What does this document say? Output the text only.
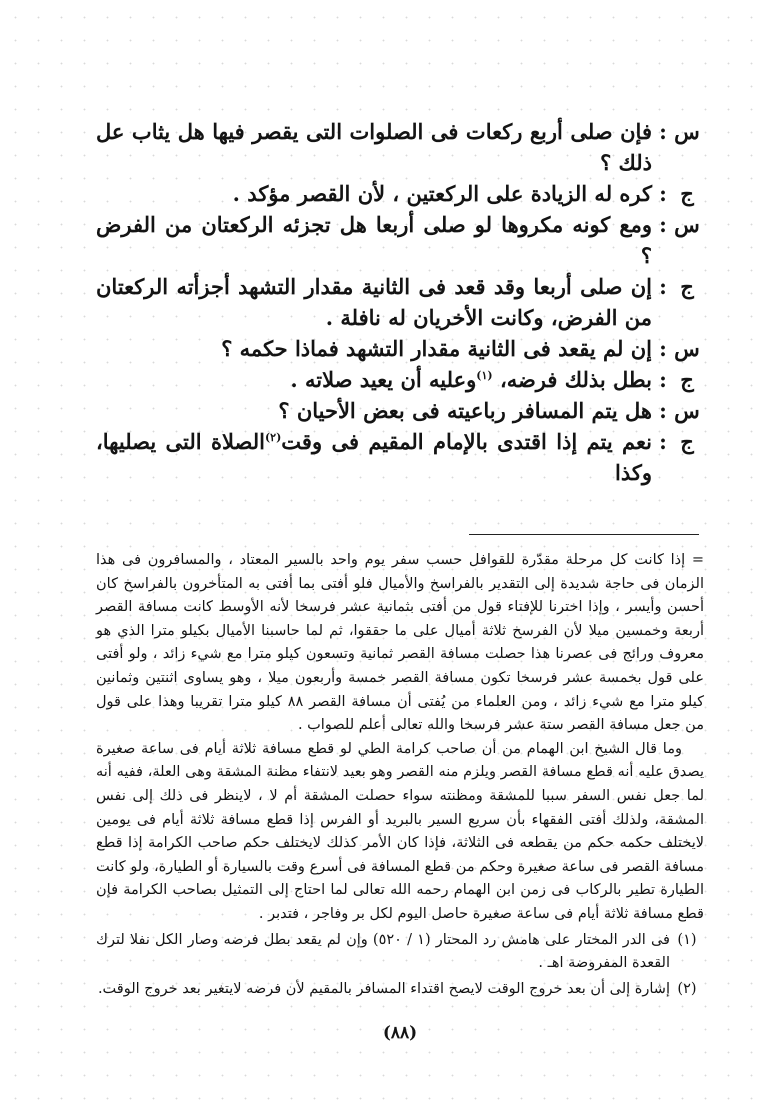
س
:
فإن صلى أربع ركعات فى الصلوات التى يقصر فيها هل يثاب عل ذلك ؟
ج
:
كره له الزيادة على الركعتين ، لأن القصر مؤكد .
س
:
ومع كونه مكروها لو صلى أربعا هل تجزئه الركعتان من الفرض ؟
ج
:
إن صلى أربعا وقد قعد فى الثانية مقدار التشهد أجزأته الركعتان من الفرض، وكانت الأخريان له نافلة .
س
:
إن لم يقعد فى الثانية مقدار التشهد فماذا حكمه ؟
ج
:
بطل بذلك فرضه، $^{(١)}$وعليه أن يعيد صلاته .
س
:
هل يتم المسافر رباعيته فى بعض الأحيان ؟
ج
:
نعم يتم إذا اقتدى بالإمام المقيم فى وقت$^{(٢)}$الصلاة التى يصليها، وكذا

= إذا كانت كل مرحلة مقدّرة للقوافل حسب سفر يوم واحد بالسير المعتاد ، والمسافرون فى هذا الزمان فى حاجة شديدة إلى التقدير بالفراسخ والأميال فلو أفتى بما أفتى به المتأخرون بالفراسخ كان أحسن وأيسر ، وإذا اخترنا للإفتاء قول من أفتى بثمانية عشر فرسخا لأنه الأوسط كانت مسافة القصر أربعة وخمسين ميلا لأن الفرسخ ثلاثة أميال على ما حققوا، ثم لما حاسبنا الأميال بكيلو مترا الذي هو معروف ورائج فى عصرنا هذا حصلت مسافة القصر ثمانية وتسعون كيلو مترا مع شيء زائد ، ولو أفتى على قول بخمسة عشر فرسخا تكون مسافة القصر خمسة وأربعون ميلا ، وهو يساوى اثنتين وثمانين كيلو مترا مع شيء زائد ، ومن العلماء من يُفتى أن مسافة القصر ٨٨ كيلو مترا تقريبا وهذا على قول من جعل مسافة القصر ستة عشر فرسخا والله تعالى أعلم للصواب .

وما قال الشيخ ابن الهمام من أن صاحب كرامة الطي لو قطع مسافة ثلاثة أيام فى ساعة صغيرة يصدق عليه أنه قطع مسافة القصر ويلزم منه القصر وهو بعيد لانتفاء مظنة المشقة وهى العلة، ففيه أنه لما جعل نفس السفر سببا للمشقة ومظنته سواء حصلت المشقة أم لا ، لاينظر فى ذلك إلى نفس المشقة، ولذلك أفتى الفقهاء بأن سريع السير بالبريد أو الفرس إذا قطع مسافة ثلاثة أيام فى يومين لايختلف حكمه حكم من يقطعه فى الثلاثة، فإذا كان الأمر كذلك لايختلف حكم صاحب الكرامة إذا قطع مسافة القصر فى ساعة صغيرة وحكم من قطع المسافة فى أسرع وقت بالسيارة أو الطيارة، ولو كانت الطيارة تطير بالركاب فى زمن ابن الهمام رحمه الله تعالى لما احتاج إلى التمثيل بصاحب الكرامة فإن قطع مسافة ثلاثة أيام فى ساعة صغيرة حاصل اليوم لكل بر وفاجر ، فتدبر .

(١)
فى الدر المختار على هامش رد المحتار (١ / ٥٢٠) وإن لم يقعد بطل فرضه وصار الكل نفلا لترك القعدة المفروضة اهـ .
(٢)
إشارة إلى أن بعد خروج الوقت لايصح اقتداء المسافر بالمقيم لأن فرضه لايتغير بعد خروج الوقت.
(٨٨)
